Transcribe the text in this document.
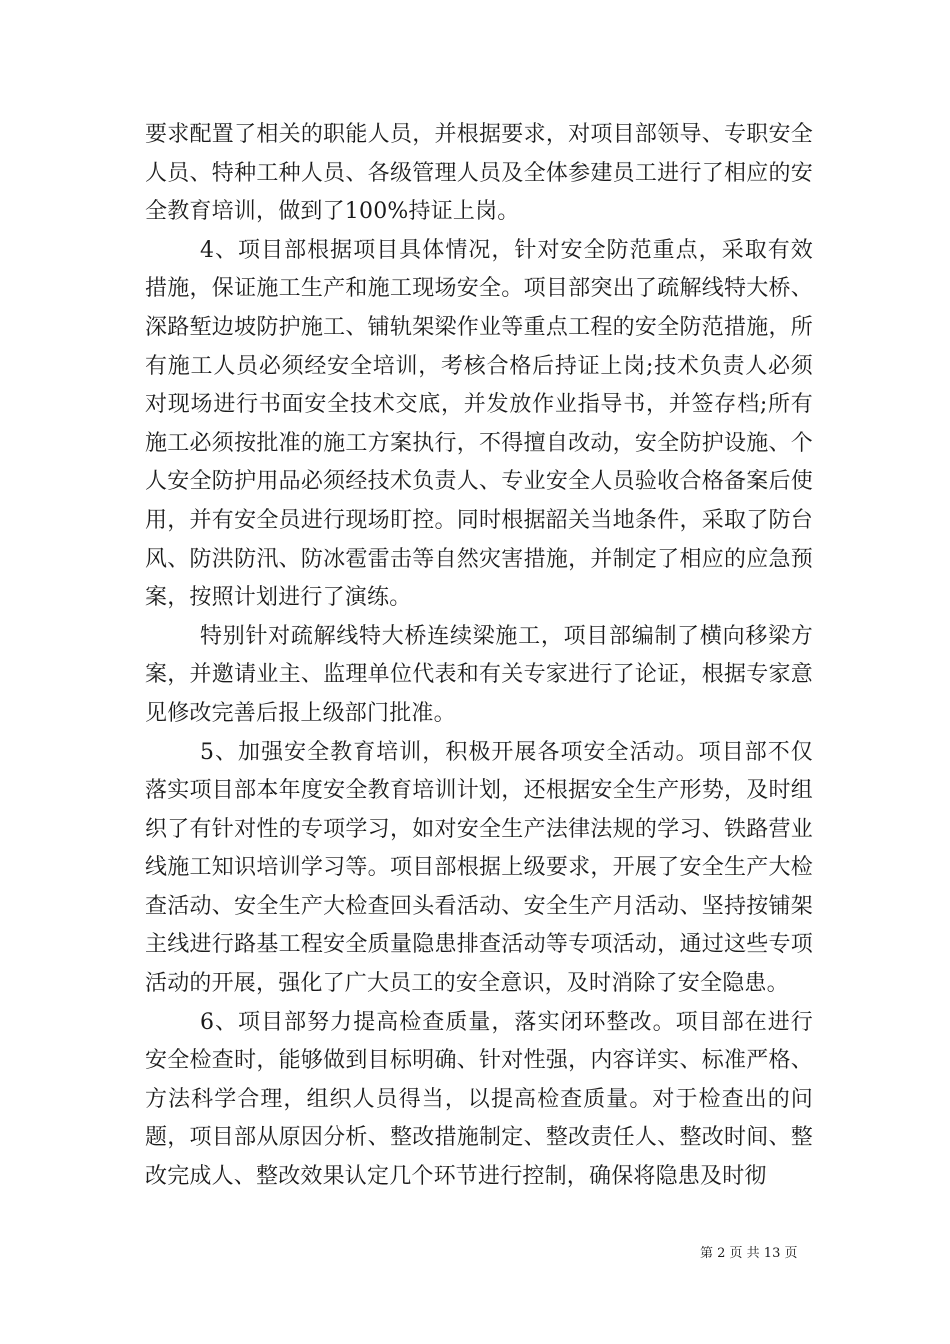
要求配置了相关的职能人员，并根据要求，对项目部领导、专职安全人员、特种工种人员、各级管理人员及全体参建员工进行了相应的安全教育培训，做到了100%持证上岗。

4、项目部根据项目具体情况，针对安全防范重点，采取有效措施，保证施工生产和施工现场安全。项目部突出了疏解线特大桥、深路堑边坡防护施工、铺轨架梁作业等重点工程的安全防范措施，所有施工人员必须经安全培训，考核合格后持证上岗;技术负责人必须对现场进行书面安全技术交底，并发放作业指导书，并签存档;所有施工必须按批准的施工方案执行，不得擅自改动，安全防护设施、个人安全防护用品必须经技术负责人、专业安全人员验收合格备案后使用，并有安全员进行现场盯控。同时根据韶关当地条件，采取了防台风、防洪防汛、防冰雹雷击等自然灾害措施，并制定了相应的应急预案，按照计划进行了演练。

特别针对疏解线特大桥连续梁施工，项目部编制了横向移梁方案，并邀请业主、监理单位代表和有关专家进行了论证，根据专家意见修改完善后报上级部门批准。

5、加强安全教育培训，积极开展各项安全活动。项目部不仅落实项目部本年度安全教育培训计划，还根据安全生产形势，及时组织了有针对性的专项学习，如对安全生产法律法规的学习、铁路营业线施工知识培训学习等。项目部根据上级要求，开展了安全生产大检查活动、安全生产大检查回头看活动、安全生产月活动、坚持按铺架主线进行路基工程安全质量隐患排查活动等专项活动，通过这些专项活动的开展，强化了广大员工的安全意识，及时消除了安全隐患。

6、项目部努力提高检查质量，落实闭环整改。项目部在进行安全检查时，能够做到目标明确、针对性强，内容详实、标准严格、方法科学合理，组织人员得当，以提高检查质量。对于检查出的问题，项目部从原因分析、整改措施制定、整改责任人、整改时间、整改完成人、整改效果认定几个环节进行控制，确保将隐患及时彻

第 2 页 共 13 页
